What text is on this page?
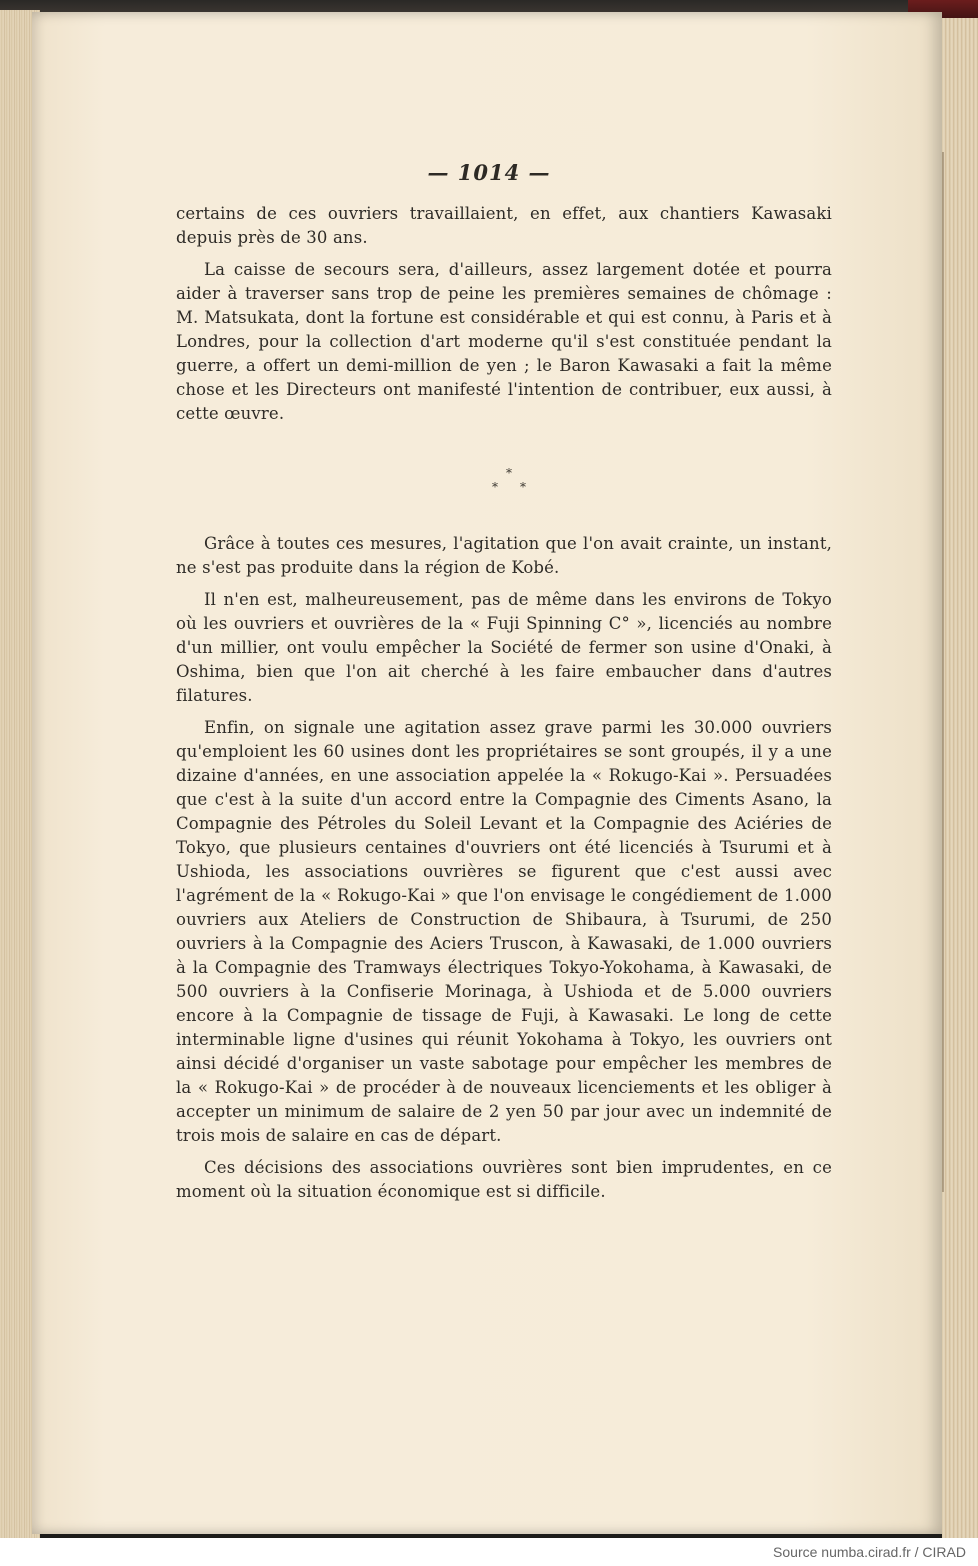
— 1014 —

certains de ces ouvriers travaillaient, en effet, aux chantiers Kawasaki depuis près de 30 ans.

La caisse de secours sera, d'ailleurs, assez largement dotée et pourra aider à traverser sans trop de peine les premières semaines de chômage : M. Matsukata, dont la fortune est considérable et qui est connu, à Paris et à Londres, pour la collection d'art moderne qu'il s'est constituée pendant la guerre, a offert un demi-million de yen ; le Baron Kawasaki a fait la même chose et les Directeurs ont manifesté l'intention de contribuer, eux aussi, à cette œuvre.

*
* *

Grâce à toutes ces mesures, l'agitation que l'on avait crainte, un instant, ne s'est pas produite dans la région de Kobé.

Il n'en est, malheureusement, pas de même dans les environs de Tokyo où les ouvriers et ouvrières de la « Fuji Spinning C° », licenciés au nombre d'un millier, ont voulu empêcher la Société de fermer son usine d'Onaki, à Oshima, bien que l'on ait cherché à les faire embaucher dans d'autres filatures.

Enfin, on signale une agitation assez grave parmi les 30.000 ouvriers qu'emploient les 60 usines dont les propriétaires se sont groupés, il y a une dizaine d'années, en une association appelée la « Rokugo-Kai ». Persuadées que c'est à la suite d'un accord entre la Compagnie des Ciments Asano, la Compagnie des Pétroles du Soleil Levant et la Compagnie des Aciéries de Tokyo, que plusieurs centaines d'ouvriers ont été licenciés à Tsurumi et à Ushioda, les associations ouvrières se figurent que c'est aussi avec l'agrément de la « Rokugo-Kai » que l'on envisage le congédiement de 1.000 ouvriers aux Ateliers de Construction de Shibaura, à Tsurumi, de 250 ouvriers à la Compagnie des Aciers Truscon, à Kawasaki, de 1.000 ouvriers à la Compagnie des Tramways électriques Tokyo-Yokohama, à Kawasaki, de 500 ouvriers à la Confiserie Morinaga, à Ushioda et de 5.000 ouvriers encore à la Compagnie de tissage de Fuji, à Kawasaki. Le long de cette interminable ligne d'usines qui réunit Yokohama à Tokyo, les ouvriers ont ainsi décidé d'organiser un vaste sabotage pour empêcher les membres de la « Rokugo-Kai » de procéder à de nouveaux licenciements et les obliger à accepter un minimum de salaire de 2 yen 50 par jour avec un indemnité de trois mois de salaire en cas de départ.

Ces décisions des associations ouvrières sont bien imprudentes, en ce moment où la situation économique est si difficile.

Source numba.cirad.fr / CIRAD
